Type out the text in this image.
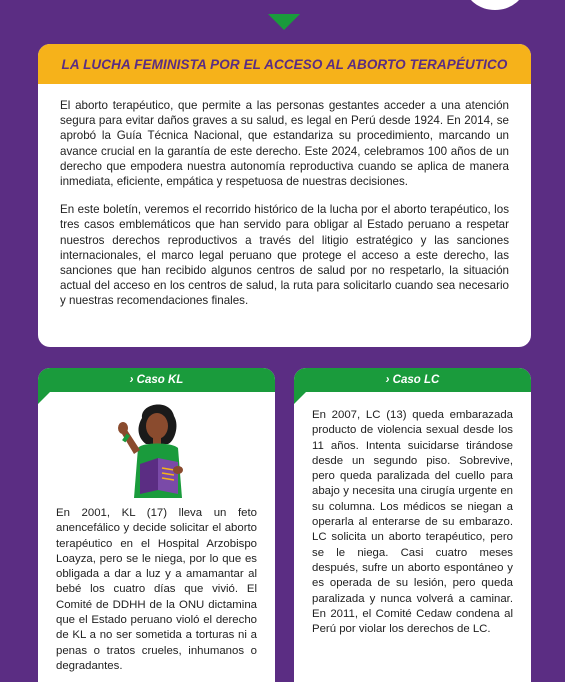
LA LUCHA FEMINISTA POR EL ACCESO AL ABORTO TERAPÉUTICO

El aborto terapéutico, que permite a las personas gestantes acceder a una atención segura para evitar daños graves a su salud, es legal en Perú desde 1924. En 2014, se aprobó la Guía Técnica Nacional, que estandariza su procedimiento, marcando un avance crucial en la garantía de este derecho. Este 2024, celebramos 100 años de un derecho que empodera nuestra autonomía reproductiva cuando se aplica de manera inmediata, eficiente, empática y respetuosa de nuestras decisiones.

En este boletín, veremos el recorrido histórico de la lucha por el aborto terapéutico, los tres casos emblemáticos que han servido para obligar al Estado peruano a respetar nuestros derechos reproductivos a través del litigio estratégico y las sanciones internacionales, el marco legal peruano que protege el acceso a este derecho, las sanciones que han recibido algunos centros de salud por no respetarlo, la situación actual del acceso en los centros de salud, la ruta para solicitarlo cuando sea necesario y nuestras recomendaciones finales.

› Caso KL

En 2001, KL (17) lleva un feto anencefálico y decide solicitar el aborto terapéutico en el Hospital Arzobispo Loayza, pero se le niega, por lo que es obligada a dar a luz y a amamantar al bebé los cuatro días que vivió. El Comité de DDHH de la ONU dictamina que el Estado peruano violó el derecho de KL a no ser sometida a torturas ni a penas o tratos crueles, inhumanos o degradantes.

› Caso LC

En 2007, LC (13) queda embarazada producto de violencia sexual desde los 11 años. Intenta suicidarse tirándose desde un segundo piso. Sobrevive, pero queda paralizada del cuello para abajo y necesita una cirugía urgente en su columna. Los médicos se niegan a operarla al enterarse de su embarazo. LC solicita un aborto terapéutico, pero se le niega. Casi cuatro meses después, sufre un aborto espontáneo y es operada de su lesión, pero queda paralizada y nunca volverá a caminar. En 2011, el Comité Cedaw condena al Perú por violar los derechos de LC.
